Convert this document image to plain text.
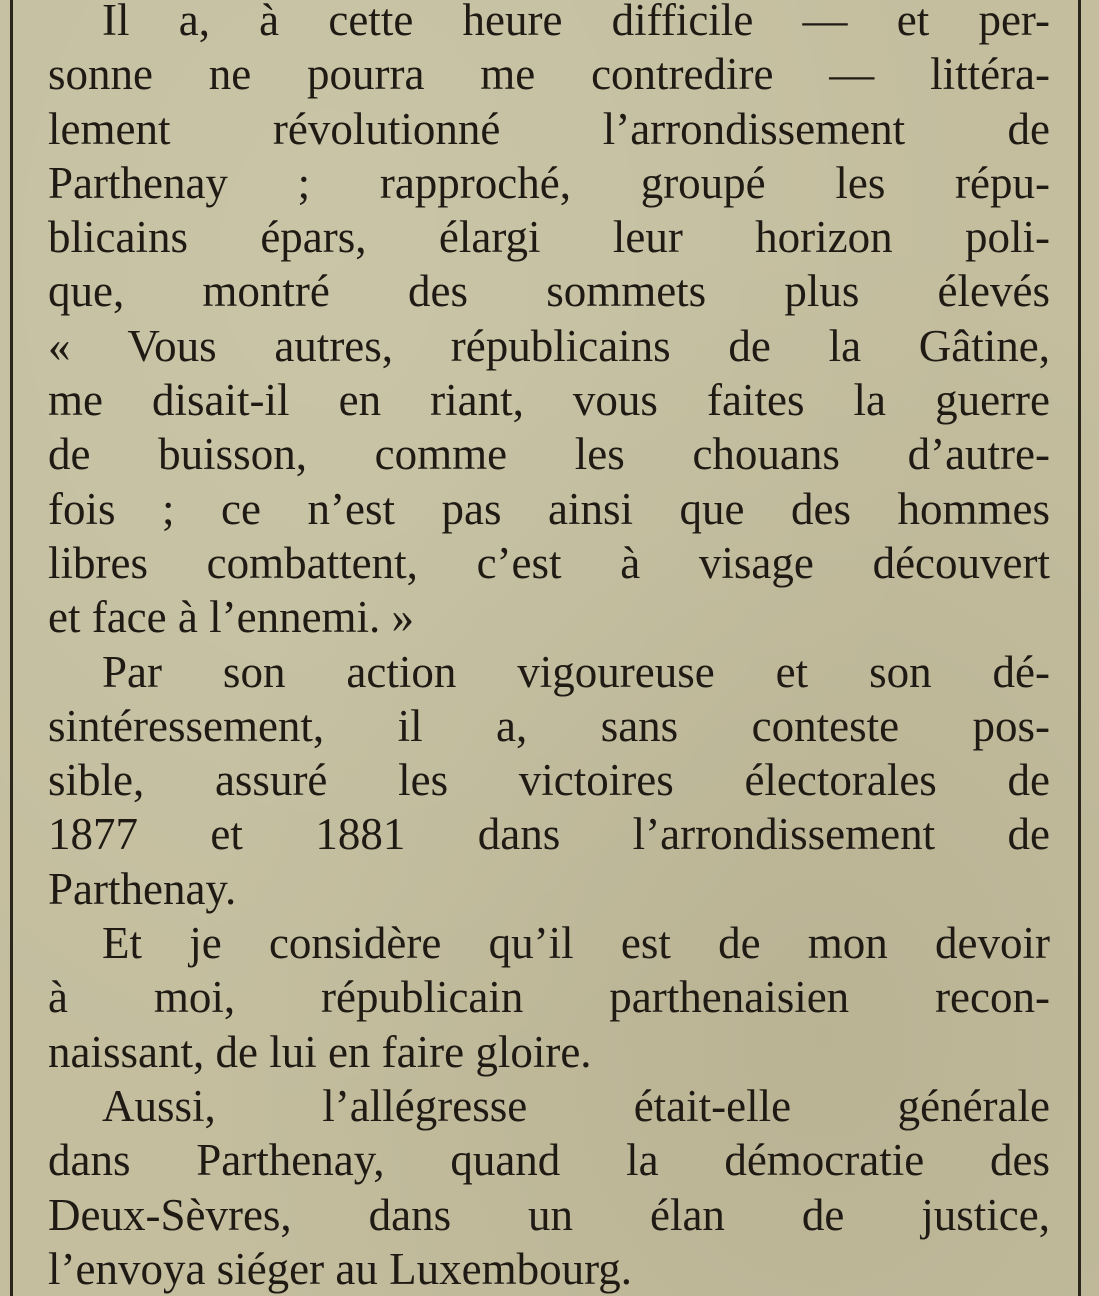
Il a, à cette heure difficile — et per-
sonne ne pourra me contredire — littéra-
lement révolutionné l’arrondissement de
Parthenay ; rapproché, groupé les répu-
blicains épars, élargi leur horizon poli-
que, montré des sommets plus élevés
« Vous autres, républicains de la Gâtine,
me disait-il en riant, vous faites la guerre
de buisson, comme les chouans d’autre-
fois ; ce n’est pas ainsi que des hommes
libres combattent, c’est à visage découvert
et face à l’ennemi. »
Par son action vigoureuse et son dé-
sintéressement, il a, sans conteste pos-
sible, assuré les victoires électorales de
1877 et 1881 dans l’arrondissement de
Parthenay.
Et je considère qu’il est de mon devoir
à moi, républicain parthenaisien recon-
naissant, de lui en faire gloire.
Aussi, l’allégresse était-elle générale
dans Parthenay, quand la démocratie des
Deux-Sèvres, dans un élan de justice,
l’envoya siéger au Luxembourg.
